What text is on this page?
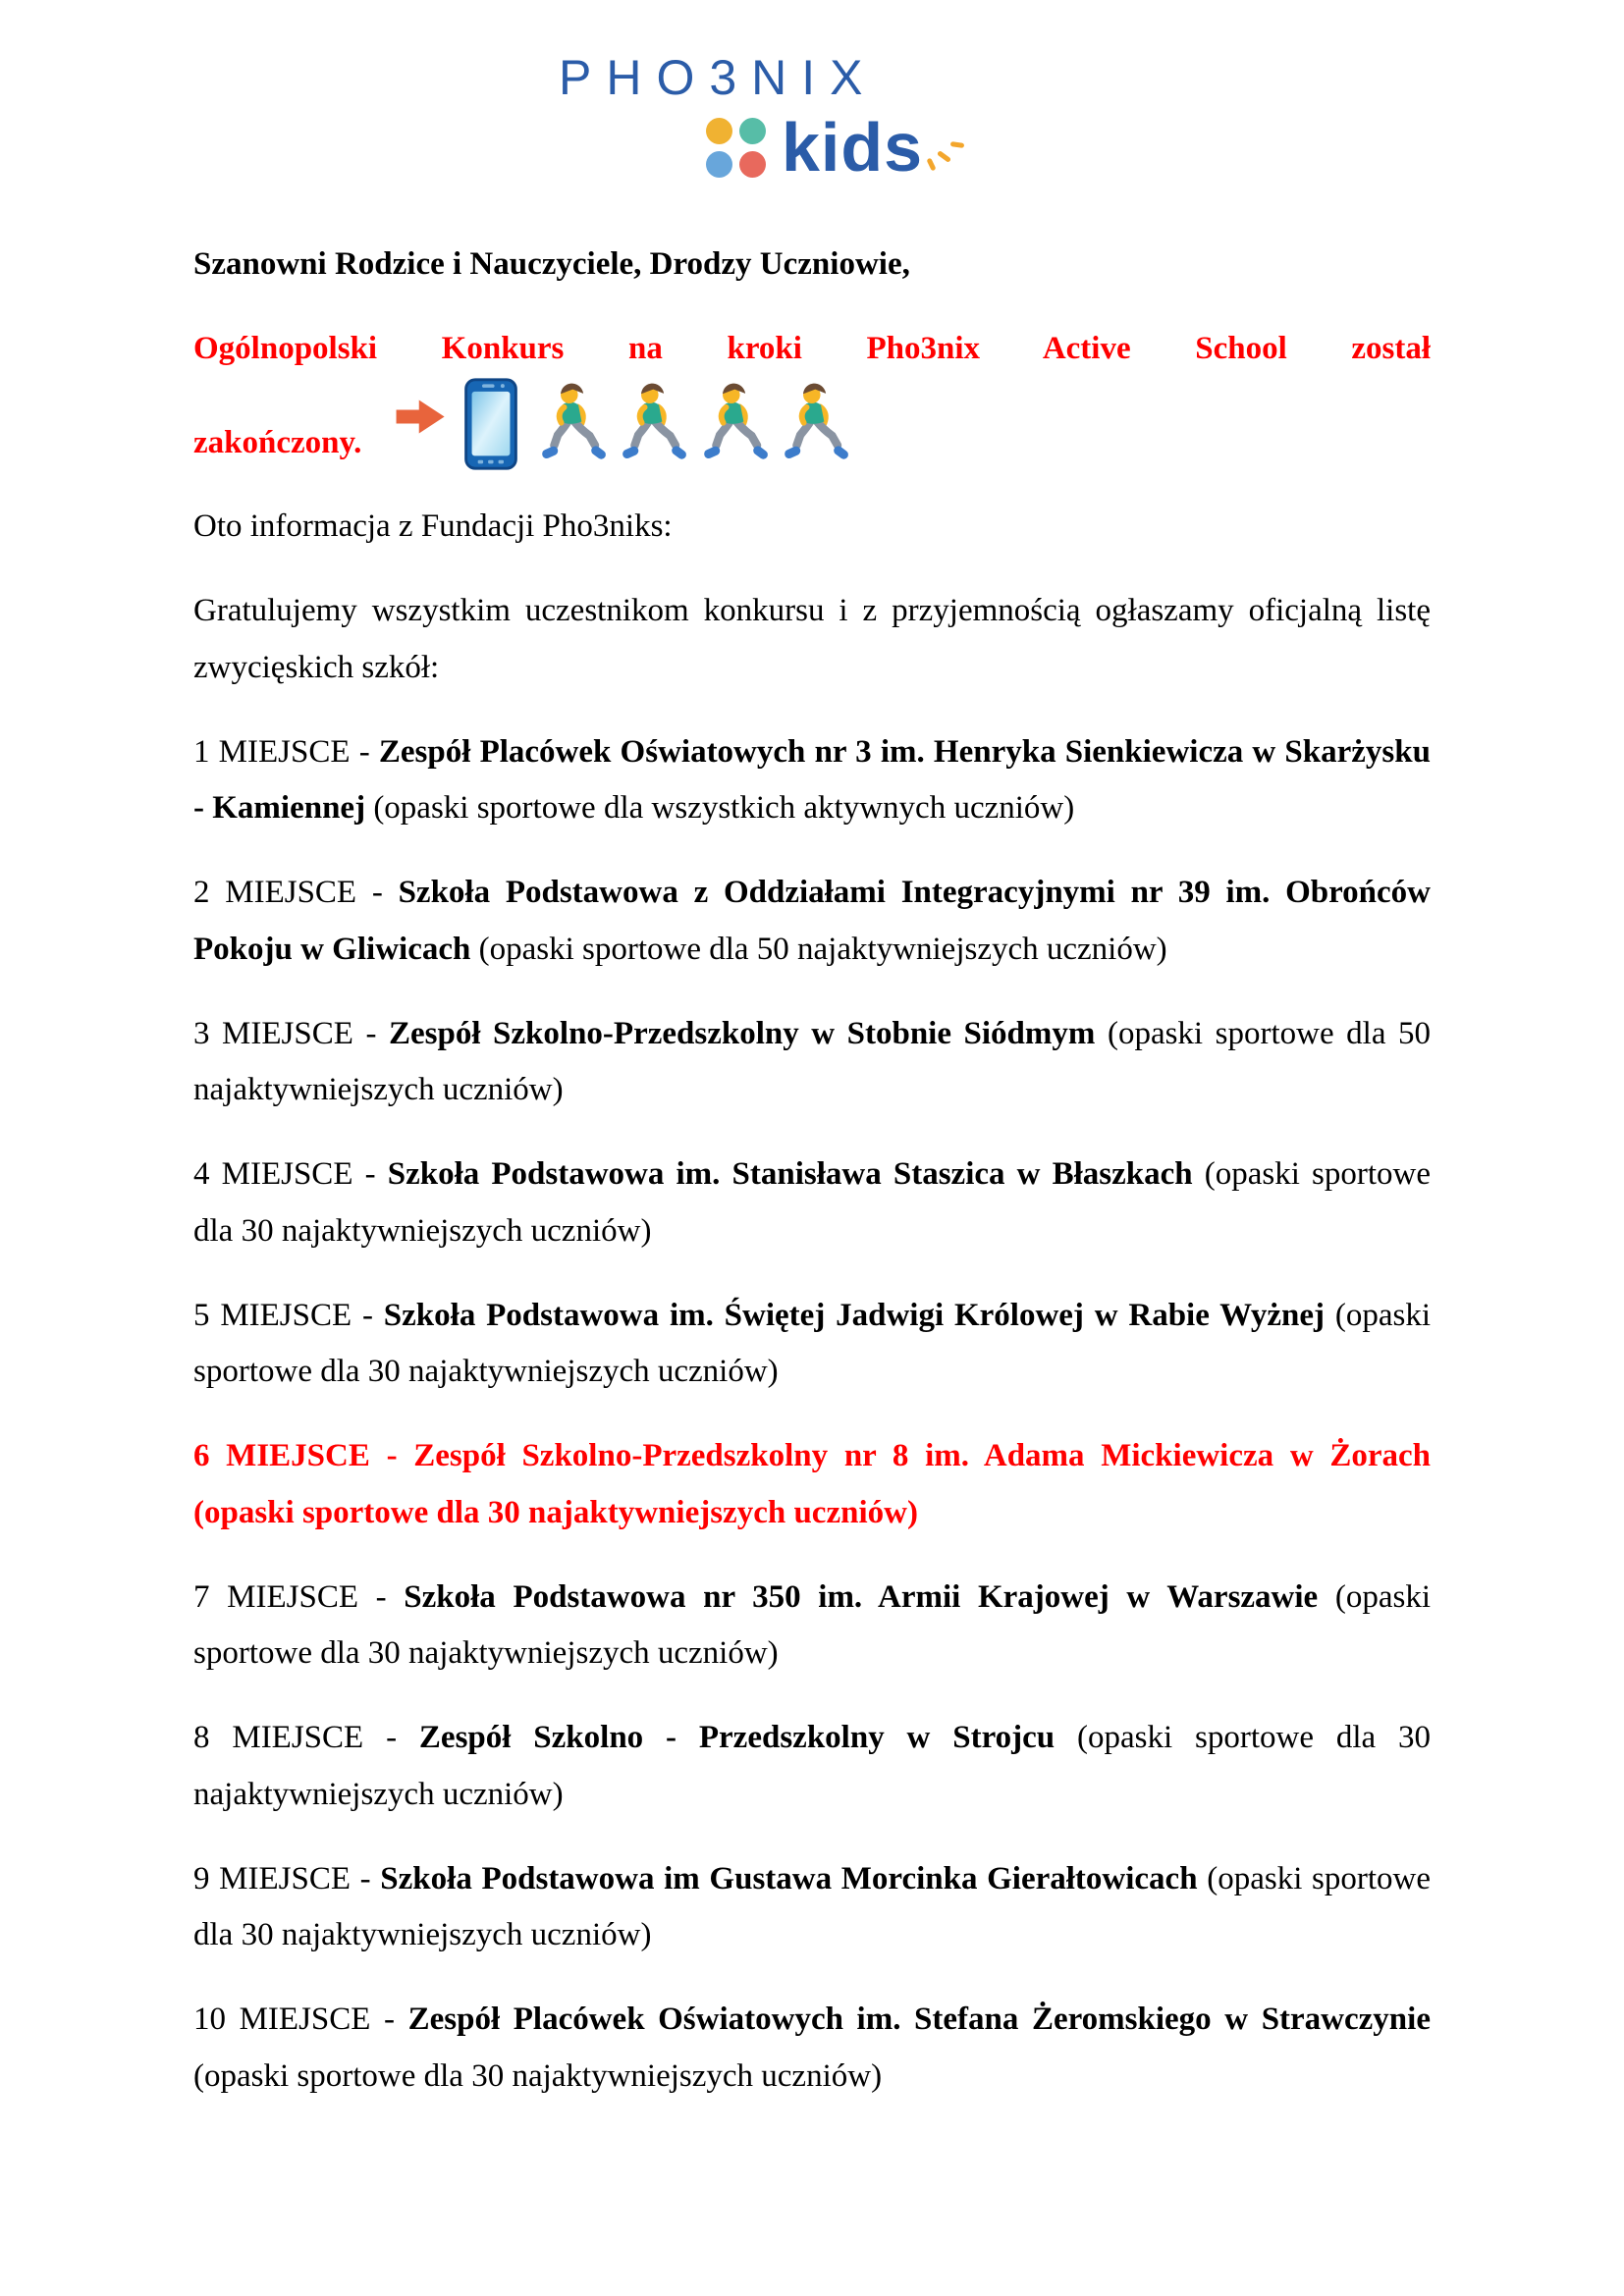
PHO3NIX
kids

Szanowni Rodzice i Nauczyciele, Drodzy Uczniowie,

Ogólnopolski Konkurs na kroki Pho3nix Active School został
zakończony.

Oto informacja z Fundacji Pho3niks:

Gratulujemy wszystkim uczestnikom konkursu i z przyjemnością ogłaszamy oficjalną listę zwycięskich szkół:

1 MIEJSCE - Zespół Placówek Oświatowych nr 3 im. Henryka Sienkiewicza w Skarżysku - Kamiennej (opaski sportowe dla wszystkich aktywnych uczniów)

2 MIEJSCE - Szkoła Podstawowa z Oddziałami Integracyjnymi nr 39 im. Obrońców Pokoju w Gliwicach (opaski sportowe dla 50 najaktywniejszych uczniów)

3 MIEJSCE - Zespół Szkolno-Przedszkolny w Stobnie Siódmym (opaski sportowe dla 50 najaktywniejszych uczniów)

4 MIEJSCE - Szkoła Podstawowa im. Stanisława Staszica w Błaszkach (opaski sportowe dla 30 najaktywniejszych uczniów)

5 MIEJSCE - Szkoła Podstawowa im. Świętej Jadwigi Królowej w Rabie Wyżnej (opaski sportowe dla 30 najaktywniejszych uczniów)

6 MIEJSCE - Zespół Szkolno-Przedszkolny nr 8 im. Adama Mickiewicza w Żorach (opaski sportowe dla 30 najaktywniejszych uczniów)

7 MIEJSCE - Szkoła Podstawowa nr 350 im. Armii Krajowej w Warszawie (opaski sportowe dla 30 najaktywniejszych uczniów)

8 MIEJSCE - Zespół Szkolno - Przedszkolny w Strojcu (opaski sportowe dla 30 najaktywniejszych uczniów)

9 MIEJSCE - Szkoła Podstawowa im Gustawa Morcinka Gierałtowicach (opaski sportowe dla 30 najaktywniejszych uczniów)

10 MIEJSCE - Zespół Placówek Oświatowych im. Stefana Żeromskiego w Strawczynie (opaski sportowe dla 30 najaktywniejszych uczniów)
